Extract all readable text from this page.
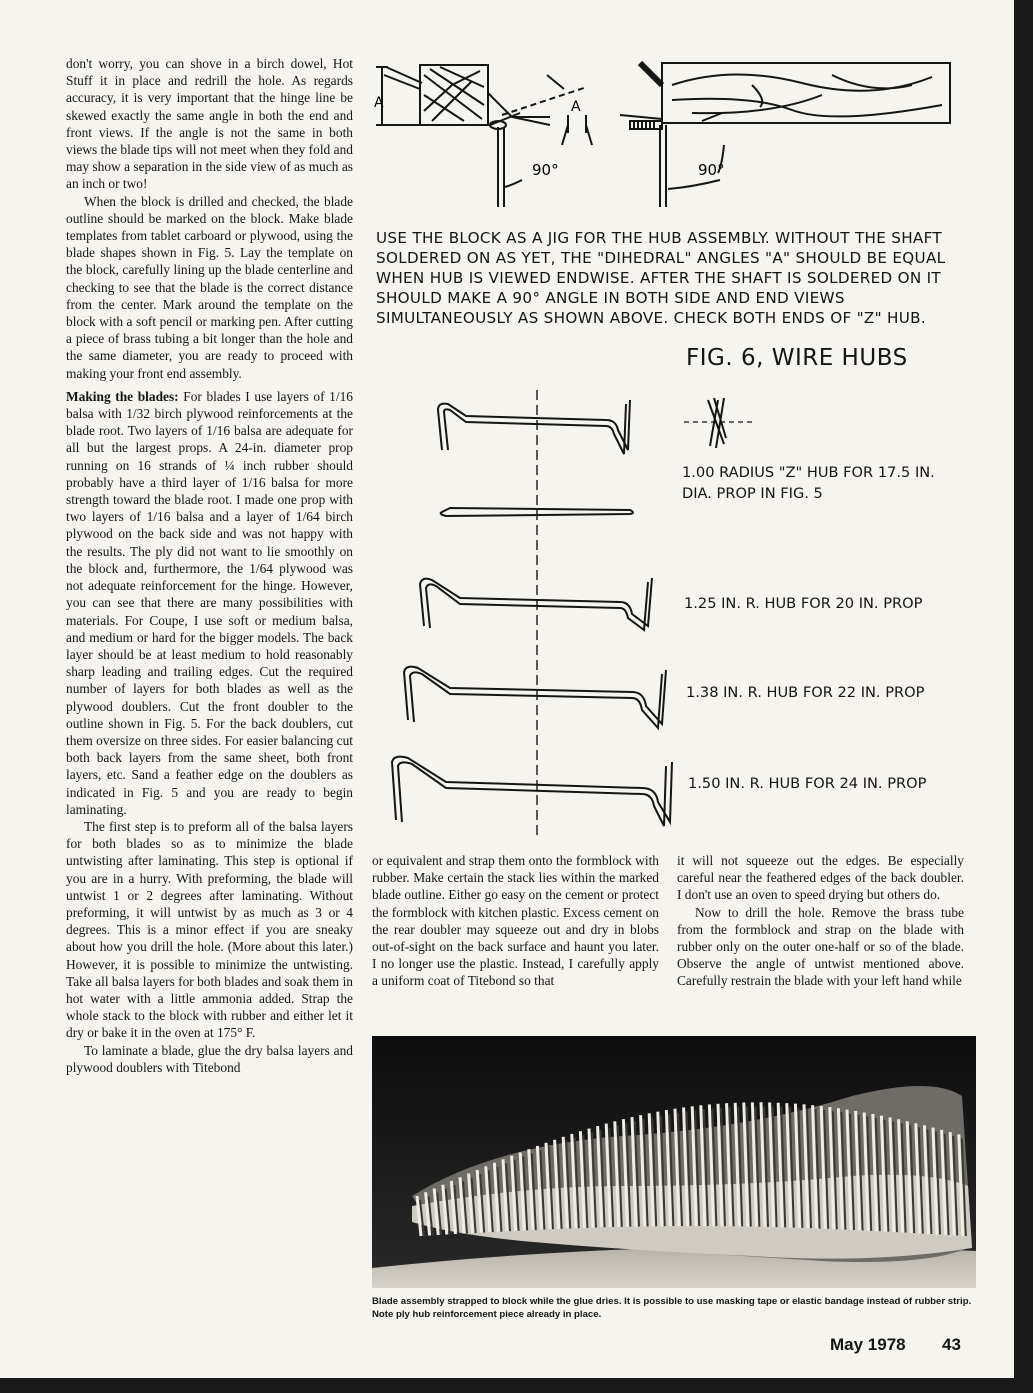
don't worry, you can shove in a birch dowel, Hot Stuff it in place and redrill the hole. As regards accuracy, it is very important that the hinge line be skewed exactly the same angle in both the end and front views. If the angle is not the same in both views the blade tips will not meet when they fold and may show a separation in the side view of as much as an inch or two!

When the block is drilled and checked, the blade outline should be marked on the block. Make blade templates from tablet carboard or plywood, using the blade shapes shown in Fig. 5. Lay the template on the block, carefully lining up the blade centerline and checking to see that the blade is the correct distance from the center. Mark around the template on the block with a soft pencil or marking pen. After cutting a piece of brass tubing a bit longer than the hole and the same diameter, you are ready to proceed with making your front end assembly.

Making the blades: For blades I use layers of 1/16 balsa with 1/32 birch plywood reinforcements at the blade root. Two layers of 1/16 balsa are adequate for all but the largest props. A 24-in. diameter prop running on 16 strands of ¼ inch rubber should probably have a third layer of 1/16 balsa for more strength toward the blade root. I made one prop with two layers of 1/16 balsa and a layer of 1/64 birch plywood on the back side and was not happy with the results. The ply did not want to lie smoothly on the block and, furthermore, the 1/64 plywood was not adequate reinforcement for the hinge. However, you can see that there are many possibilities with materials. For Coupe, I use soft or medium balsa, and medium or hard for the bigger models. The back layer should be at least medium to hold reasonably sharp leading and trailing edges. Cut the required number of layers for both blades as well as the plywood doublers. Cut the front doubler to the outline shown in Fig. 5. For the back doublers, cut them oversize on three sides. For easier balancing cut both back layers from the same sheet, both front layers, etc. Sand a feather edge on the doublers as indicated in Fig. 5 and you are ready to begin laminating.

The first step is to preform all of the balsa layers for both blades so as to minimize the blade untwisting after laminating. This step is optional if you are in a hurry. With preforming, the blade will untwist 1 or 2 degrees after laminating. Without preforming, it will untwist by as much as 3 or 4 degrees. This is a minor effect if you are sneaky about how you drill the hole. (More about this later.) However, it is possible to minimize the untwisting. Take all balsa layers for both blades and soak them in hot water with a little ammonia added. Strap the whole stack to the block with rubber and either let it dry or bake it in the oven at 175° F.

To laminate a blade, glue the dry balsa layers and plywood doublers with Titebond

A	A
90°	90°

USE THE BLOCK AS A JIG FOR THE HUB ASSEMBLY. WITHOUT THE SHAFT SOLDERED ON AS YET, THE "DIHEDRAL" ANGLES "A" SHOULD BE EQUAL WHEN HUB IS VIEWED ENDWISE. AFTER THE SHAFT IS SOLDERED ON IT SHOULD MAKE A 90° ANGLE IN BOTH SIDE AND END VIEWS SIMULTANEOUSLY AS SHOWN ABOVE. CHECK BOTH ENDS OF "Z" HUB.

FIG. 6, WIRE HUBS
1.00 RADIUS "Z" HUB FOR 17.5 IN. DIA. PROP IN FIG. 5
1.25 IN. R. HUB FOR 20 IN. PROP
1.38 IN. R. HUB FOR 22 IN. PROP
1.50 IN. R. HUB FOR 24 IN. PROP

or equivalent and strap them onto the formblock with rubber. Make certain the stack lies within the marked blade outline. Either go easy on the cement or protect the formblock with kitchen plastic. Excess cement on the rear doubler may squeeze out and dry in blobs out-of-sight on the back surface and haunt you later. I no longer use the plastic. Instead, I carefully apply a uniform coat of Titebond so that

it will not squeeze out the edges. Be especially careful near the feathered edges of the back doubler. I don't use an oven to speed drying but others do.

Now to drill the hole. Remove the brass tube from the formblock and strap on the blade with rubber only on the outer one-half or so of the blade. Observe the angle of untwist mentioned above. Carefully restrain the blade with your left hand while

Blade assembly strapped to block while the glue dries. It is possible to use masking tape or elastic bandage instead of rubber strip. Note ply hub reinforcement piece already in place.
May 1978 43
